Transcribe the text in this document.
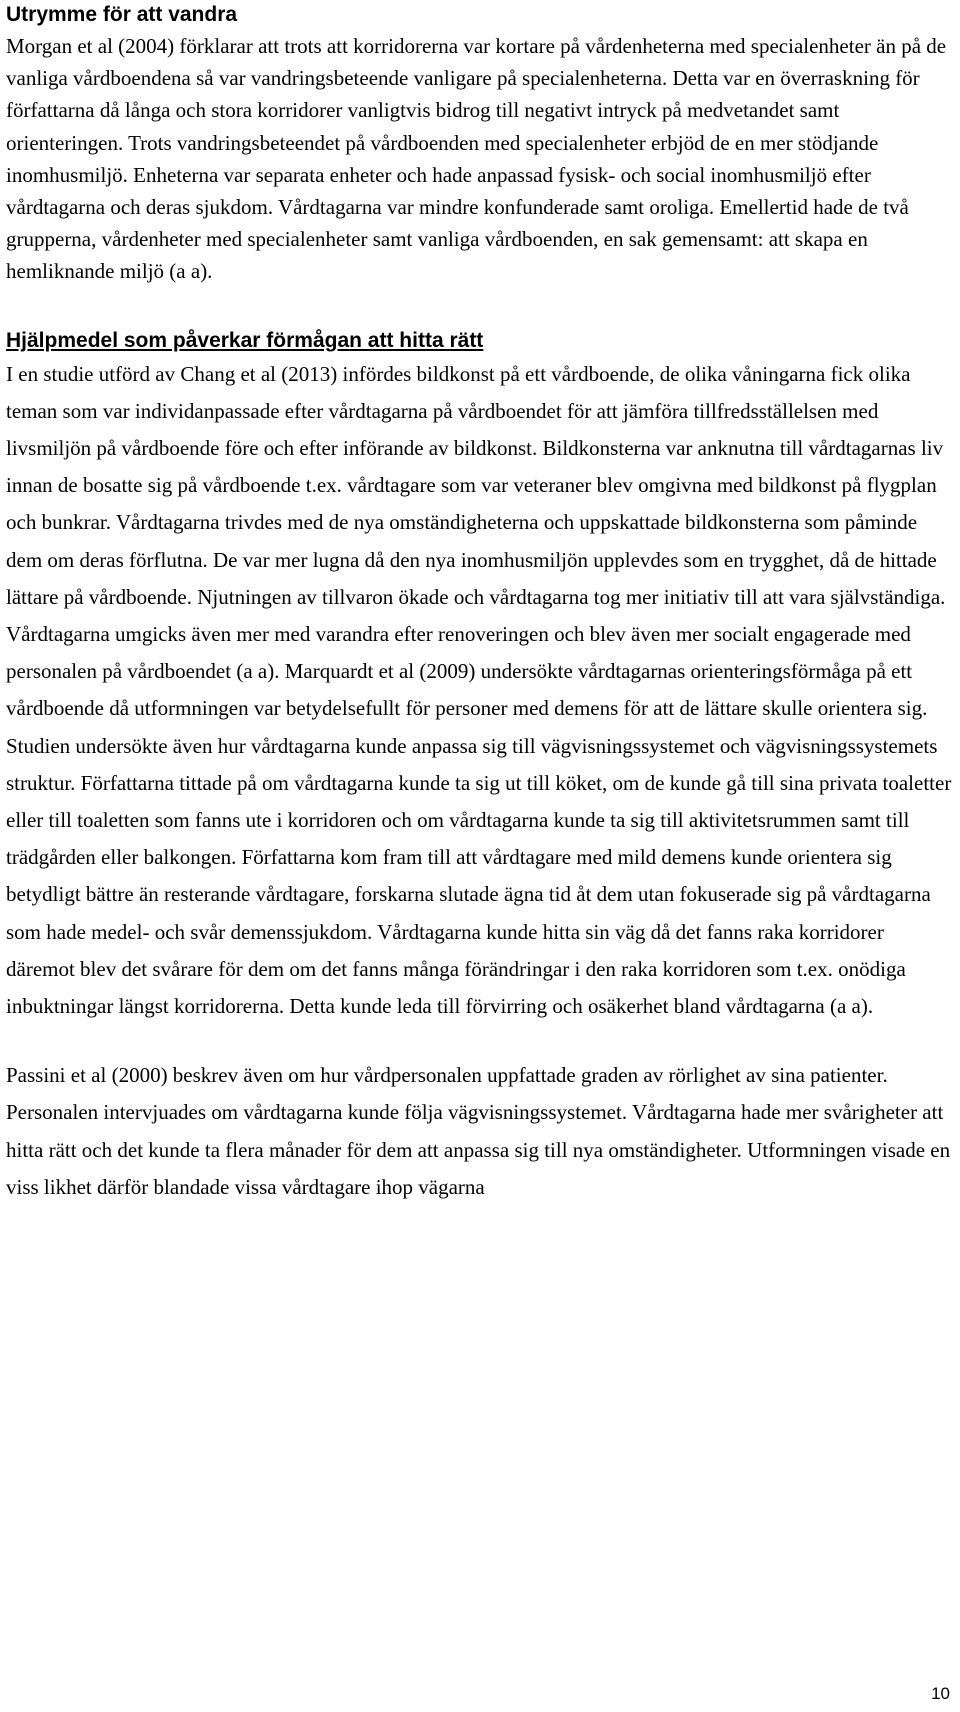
Utrymme för att vandra

Morgan et al (2004) förklarar att trots att korridorerna var kortare på vårdenheterna med specialenheter än på de vanliga vårdboendena så var vandringsbeteende vanligare på specialenheterna. Detta var en överraskning för författarna då långa och stora korridorer vanligtvis bidrog till negativt intryck på medvetandet samt orienteringen. Trots vandringsbeteendet på vårdboenden med specialenheter erbjöd de en mer stödjande inomhusmiljö. Enheterna var separata enheter och hade anpassad fysisk- och social inomhusmiljö efter vårdtagarna och deras sjukdom. Vårdtagarna var mindre konfunderade samt oroliga. Emellertid hade de två grupperna, vårdenheter med specialenheter samt vanliga vårdboenden, en sak gemensamt: att skapa en hemliknande miljö (a a).

Hjälpmedel som påverkar förmågan att hitta rätt

I en studie utförd av Chang et al (2013) infördes bildkonst på ett vårdboende, de olika våningarna fick olika teman som var individanpassade efter vårdtagarna på vårdboendet för att jämföra tillfredsställelsen med livsmiljön på vårdboende före och efter införande av bildkonst. Bildkonsterna var anknutna till vårdtagarnas liv innan de bosatte sig på vårdboende t.ex. vårdtagare som var veteraner blev omgivna med bildkonst på flygplan och bunkrar. Vårdtagarna trivdes med de nya omständigheterna och uppskattade bildkonsterna som påminde dem om deras förflutna. De var mer lugna då den nya inomhusmiljön upplevdes som en trygghet, då de hittade lättare på vårdboende. Njutningen av tillvaron ökade och vårdtagarna tog mer initiativ till att vara självständiga. Vårdtagarna umgicks även mer med varandra efter renoveringen och blev även mer socialt engagerade med personalen på vårdboendet (a a). Marquardt et al (2009) undersökte vårdtagarnas orienteringsförmåga på ett vårdboende då utformningen var betydelsefullt för personer med demens för att de lättare skulle orientera sig. Studien undersökte även hur vårdtagarna kunde anpassa sig till vägvisningssystemet och vägvisningssystemets struktur. Författarna tittade på om vårdtagarna kunde ta sig ut till köket, om de kunde gå till sina privata toaletter eller till toaletten som fanns ute i korridoren och om vårdtagarna kunde ta sig till aktivitetsrummen samt till trädgården eller balkongen. Författarna kom fram till att vårdtagare med mild demens kunde orientera sig betydligt bättre än resterande vårdtagare, forskarna slutade ägna tid åt dem utan fokuserade sig på vårdtagarna som hade medel- och svår demenssjukdom. Vårdtagarna kunde hitta sin väg då det fanns raka korridorer däremot blev det svårare för dem om det fanns många förändringar i den raka korridoren som t.ex. onödiga inbuktningar längst korridorerna. Detta kunde leda till förvirring och osäkerhet bland vårdtagarna (a a).

Passini et al (2000) beskrev även om hur vårdpersonalen uppfattade graden av rörlighet av sina patienter. Personalen intervjuades om vårdtagarna kunde följa vägvisningssystemet. Vårdtagarna hade mer svårigheter att hitta rätt och det kunde ta flera månader för dem att anpassa sig till nya omständigheter. Utformningen visade en viss likhet därför blandade vissa vårdtagare ihop vägarna

10
